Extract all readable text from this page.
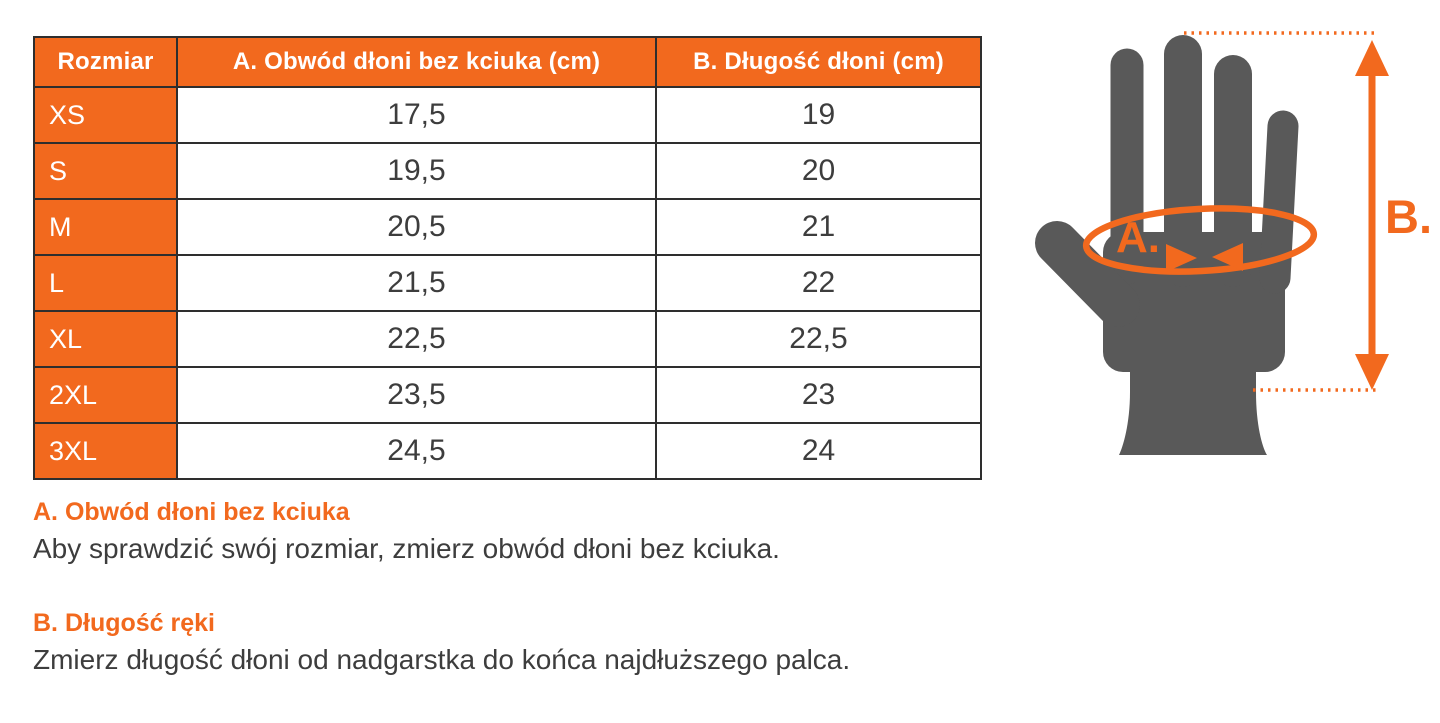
Rozmiar	A. Obwód dłoni bez kciuka (cm)	B. Długość dłoni (cm)
XS	17,5	19
S	19,5	20
M	20,5	21
L	21,5	22
XL	22,5	22,5
2XL	23,5	23
3XL	24,5	24

A. Obwód dłoni bez kciuka

Aby sprawdzić swój rozmiar, zmierz obwód dłoni bez kciuka.

B. Długość ręki

Zmierz długość dłoni od nadgarstka do końca najdłuższego palca.

A.	B.
